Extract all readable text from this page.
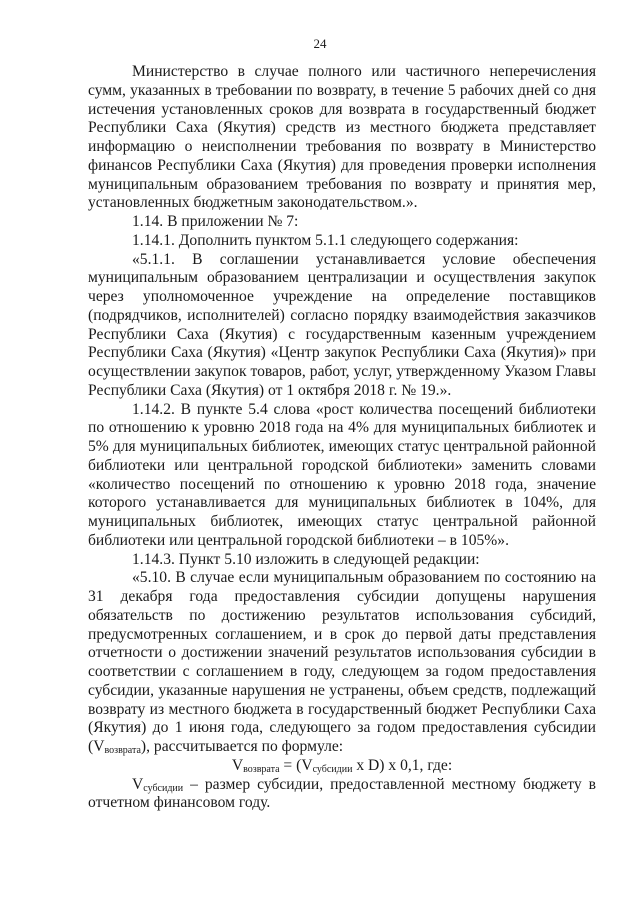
24

Министерство в случае полного или частичного неперечисления сумм, указанных в требовании по возврату, в течение 5 рабочих дней со дня истечения установленных сроков для возврата в государственный бюджет Республики Саха (Якутия) средств из местного бюджета представляет информацию о неисполнении требования по возврату в Министерство финансов Республики Саха (Якутия) для проведения проверки исполнения муниципальным образованием требования по возврату и принятия мер, установленных бюджетным законодательством.».

1.14. В приложении № 7:

1.14.1. Дополнить пунктом 5.1.1 следующего содержания:

«5.1.1. В соглашении устанавливается условие обеспечения муниципальным образованием централизации и осуществления закупок через уполномоченное учреждение на определение поставщиков (подрядчиков, исполнителей) согласно порядку взаимодействия заказчиков Республики Саха (Якутия) с государственным казенным учреждением Республики Саха (Якутия) «Центр закупок Республики Саха (Якутия)» при осуществлении закупок товаров, работ, услуг, утвержденному Указом Главы Республики Саха (Якутия) от 1 октября 2018 г. № 19.».

1.14.2. В пункте 5.4 слова «рост количества посещений библиотеки по отношению к уровню 2018 года на 4% для муниципальных библиотек и 5% для муниципальных библиотек, имеющих статус центральной районной библиотеки или центральной городской библиотеки» заменить словами «количество посещений по отношению к уровню 2018 года, значение которого устанавливается для муниципальных библиотек в 104%, для муниципальных библиотек, имеющих статус центральной районной библиотеки или центральной городской библиотеки – в 105%».

1.14.3. Пункт 5.10 изложить в следующей редакции:

«5.10. В случае если муниципальным образованием по состоянию на 31 декабря года предоставления субсидии допущены нарушения обязательств по достижению результатов использования субсидий, предусмотренных соглашением, и в срок до первой даты представления отчетности о достижении значений результатов использования субсидии в соответствии с соглашением в году, следующем за годом предоставления субсидии, указанные нарушения не устранены, объем средств, подлежащий возврату из местного бюджета в государственный бюджет Республики Саха (Якутия) до 1 июня года, следующего за годом предоставления субсидии $(V_{возврата})$, рассчитывается по формуле:

$V_{возврата} = (V_{субсидии}$ x D) x 0,1, где:

$V_{субсидии}$ – размер субсидии, предоставленной местному бюджету в отчетном финансовом году.
